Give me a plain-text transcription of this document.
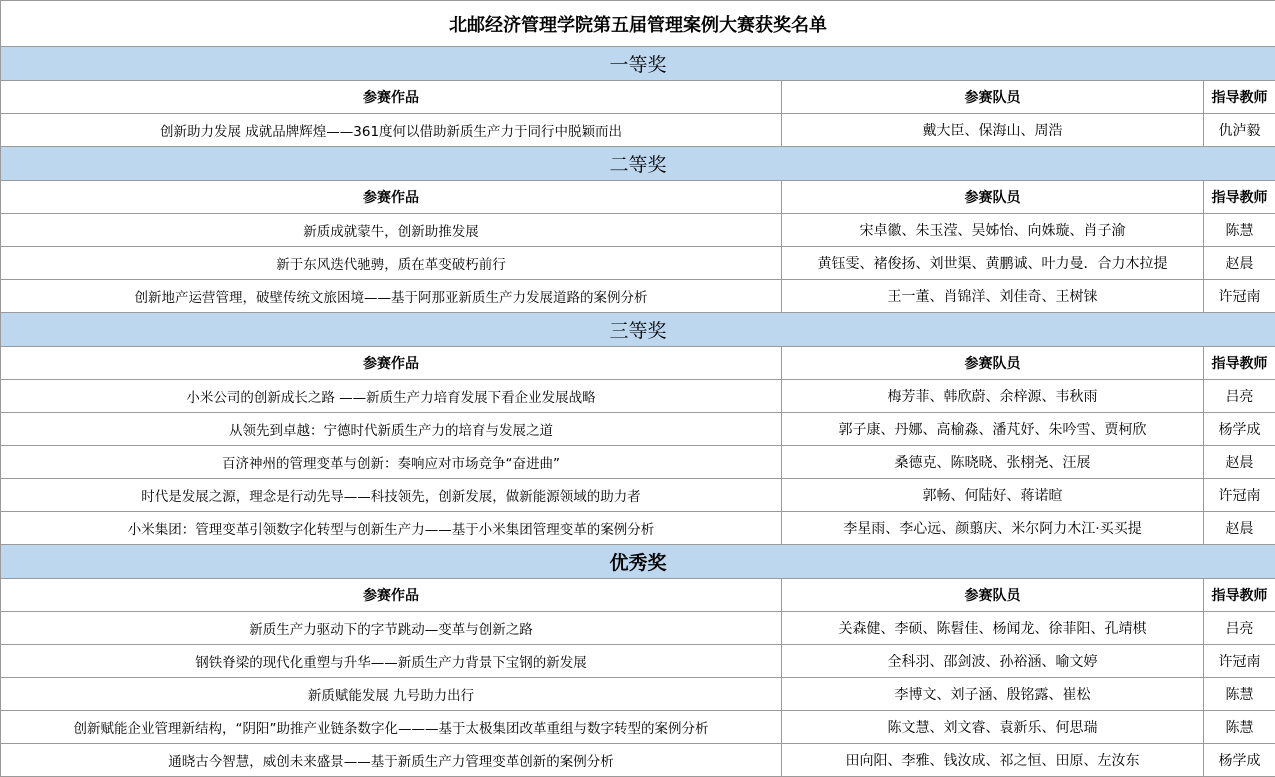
北邮经济管理学院第五届管理案例大赛获奖名单		
一等奖		
参赛作品	参赛队员	指导教师
创新助力发展 成就品牌辉煌——361度何以借助新质生产力于同行中脱颖而出	戴大臣、保海山、周浩	仇泸毅
二等奖		
参赛作品	参赛队员	指导教师
新质成就蒙牛，创新助推发展	宋卓徽、朱玉滢、吴姊怡、向姝璇、肖子渝	陈慧
新于东风迭代驰骋，质在革变破朽前行	黄钰雯、褚俊扬、刘世渠、黄鹏诚、叶力曼．合力木拉提	赵晨
创新地产运营管理，破壁传统文旅困境——基于阿那亚新质生产力发展道路的案例分析	王一董、肖锦洋、刘佳奇、王树铼	许冠南
三等奖		
参赛作品	参赛队员	指导教师
小米公司的创新成长之路 ——新质生产力培育发展下看企业发展战略	梅芳菲、韩欣蔚、余梓源、韦秋雨	吕亮
从领先到卓越：宁德时代新质生产力的培育与发展之道	郭子康、丹娜、高榆淼、潘芃妤、朱吟雪、贾柯欣	杨学成
百济神州的管理变革与创新：奏响应对市场竞争“奋进曲”	桑德克、陈晓晓、张栩尧、汪展	赵晨
时代是发展之源，理念是行动先导——科技领先，创新发展，做新能源领域的助力者	郭畅、何陆好、蒋诺暄	许冠南
小米集团：管理变革引领数字化转型与创新生产力——基于小米集团管理变革的案例分析	李星雨、李心远、颜翦庆、米尔阿力木江·买买提	赵晨
优秀奖		
参赛作品	参赛队员	指导教师
新质生产力驱动下的字节跳动—变革与创新之路	关森健、李硕、陈髫佳、杨闻龙、徐菲阳、孔靖棋	吕亮
钢铁脊梁的现代化重塑与升华——新质生产力背景下宝钢的新发展	全科羽、邵剑波、孙裕涵、喻文婷	许冠南
新质赋能发展 九号助力出行	李博文、刘子涵、殷铭露、崔松	陈慧
创新赋能企业管理新结构，“阴阳”助推产业链条数字化———基于太极集团改革重组与数字转型的案例分析	陈文慧、刘文睿、袁新乐、何思瑞	陈慧
通晓古今智慧，威创未来盛景——基于新质生产力管理变革创新的案例分析	田向阳、李雅、钱汝成、祁之恒、田原、左汝东	杨学成
